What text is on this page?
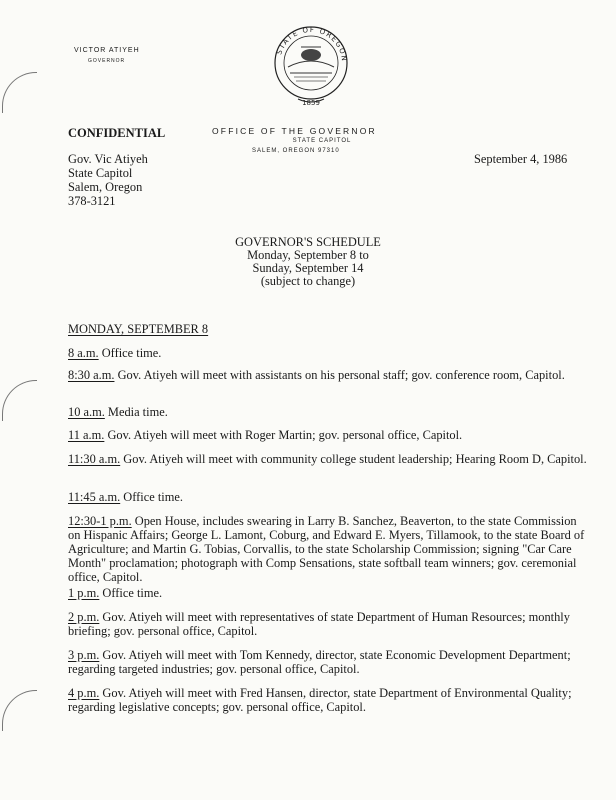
VICTOR ATIYEH
GOVERNOR
STATE OF OREGON
1859
OFFICE OF THE GOVERNOR
STATE CAPITOL
SALEM, OREGON 97310
CONFIDENTIAL
Gov. Vic Atiyeh
State Capitol
Salem, Oregon
378-3121
September 4, 1986
GOVERNOR'S SCHEDULE
Monday, September 8 to
Sunday, September 14
(subject to change)
MONDAY, SEPTEMBER 8
8 a.m. Office time.
8:30 a.m. Gov. Atiyeh will meet with assistants on his personal staff; gov. conference room, Capitol.
10 a.m. Media time.
11 a.m. Gov. Atiyeh will meet with Roger Martin; gov. personal office, Capitol.
11:30 a.m. Gov. Atiyeh will meet with community college student leadership; Hearing Room D, Capitol.
11:45 a.m. Office time.
12:30-1 p.m. Open House, includes swearing in Larry B. Sanchez, Beaverton, to the state Commission on Hispanic Affairs; George L. Lamont, Coburg, and Edward E. Myers, Tillamook, to the state Board of Agriculture; and Martin G. Tobias, Corvallis, to the state Scholarship Commission; signing "Car Care Month" proclamation; photograph with Comp Sensations, state softball team winners; gov. ceremonial office, Capitol.
1 p.m. Office time.
2 p.m. Gov. Atiyeh will meet with representatives of state Department of Human Resources; monthly briefing; gov. personal office, Capitol.
3 p.m. Gov. Atiyeh will meet with Tom Kennedy, director, state Economic Development Department; regarding targeted industries; gov. personal office, Capitol.
4 p.m. Gov. Atiyeh will meet with Fred Hansen, director, state Department of Environmental Quality; regarding legislative concepts; gov. personal office, Capitol.
